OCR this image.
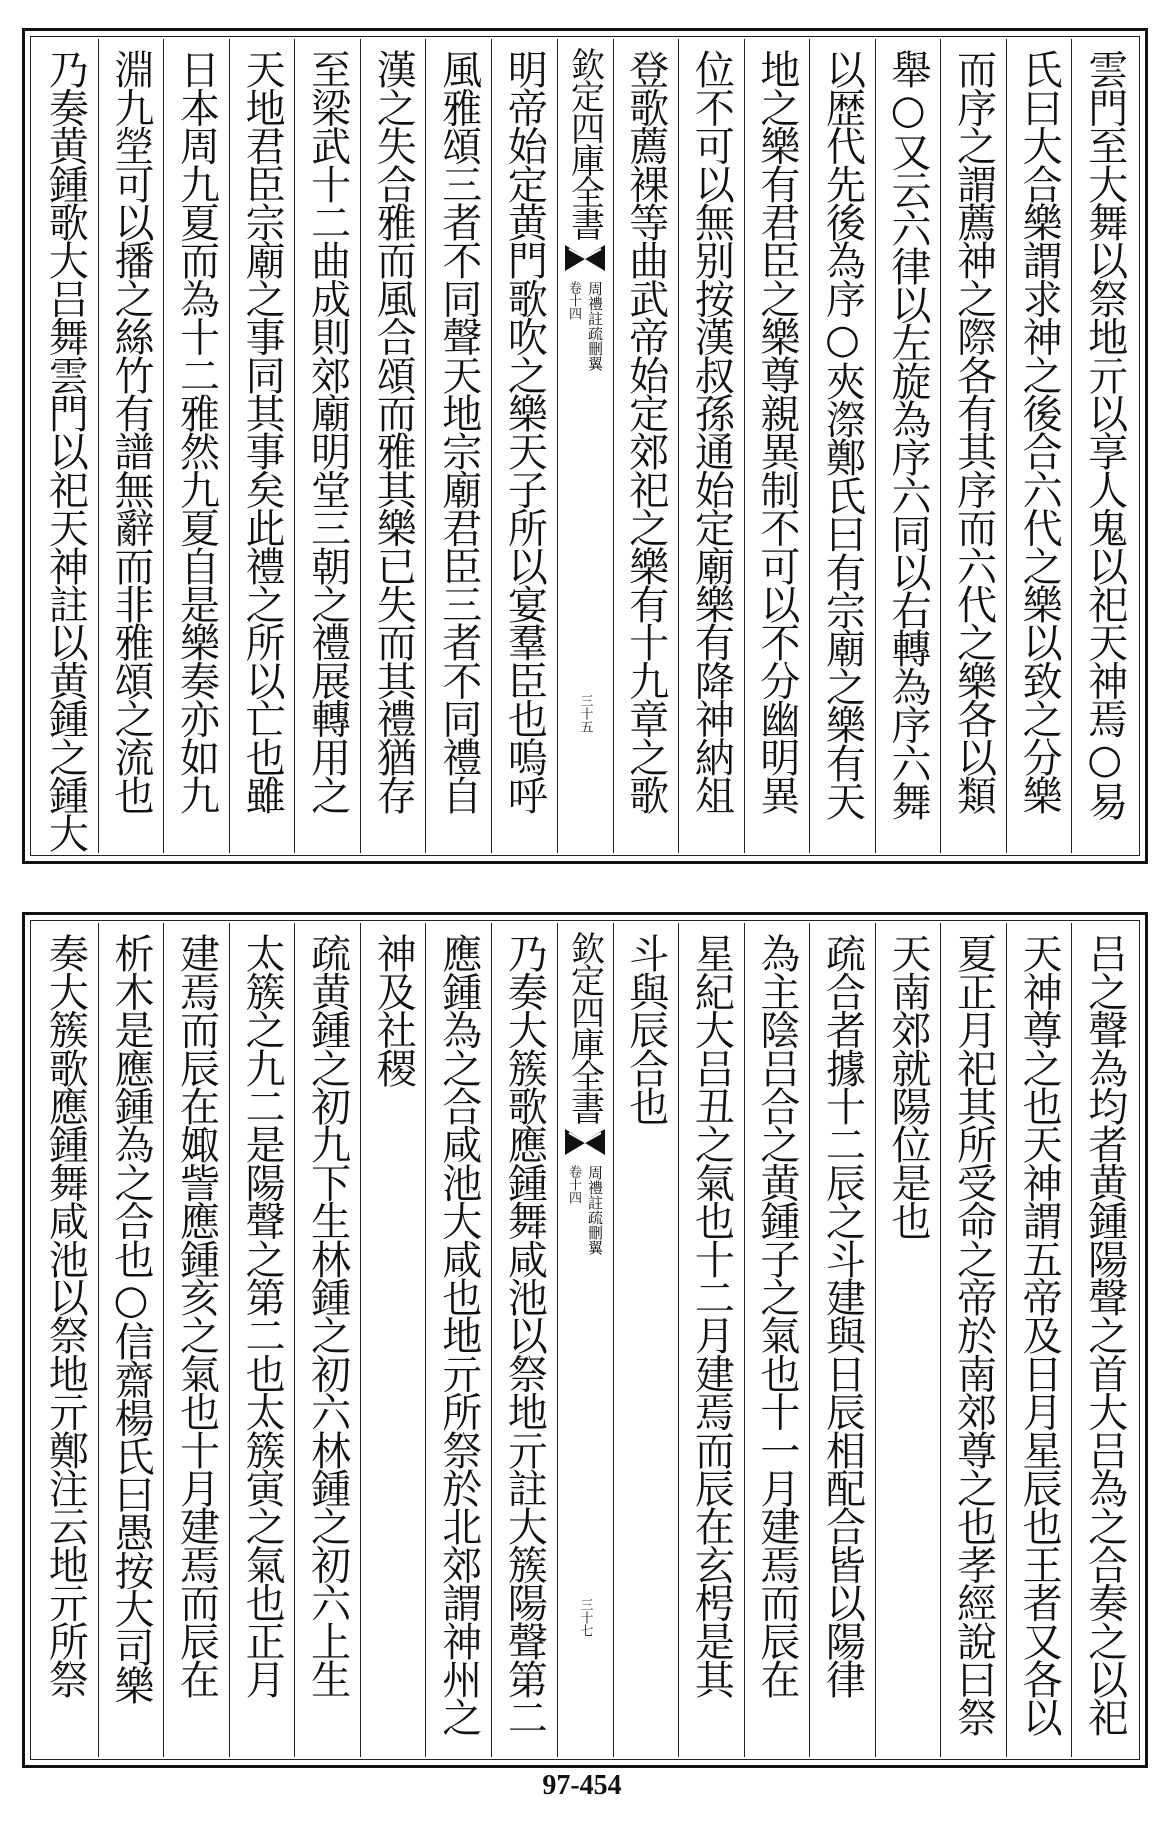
雲門至大舞以祭地亓以享人鬼以祀天神焉○易
氏曰大合樂謂求神之後合六代之樂以致之分樂
而序之謂薦神之際各有其序而六代之樂各以類
舉○又云六律以左旋為序六同以右轉為序六舞
以歴代先後為序○夾漈鄭氏曰有宗廟之樂有天
地之樂有君臣之樂尊親異制不可以不分幽明異
位不可以無别按漢叔孫通始定廟樂有降神納俎
登歌薦裸等曲武帝始定郊祀之樂有十九章之歌
欽定四庫全書
周禮註疏刪翼
卷十四
三十五
明帝始定黄門歌吹之樂天子所以宴羣臣也嗚呼
風雅頌三者不同聲天地宗廟君臣三者不同禮自
漢之失合雅而風合頌而雅其樂已失而其禮猶存
至梁武十二曲成則郊廟明堂三朝之禮展轉用之
天地君臣宗廟之事同其事矣此禮之所以亡也雖
日本周九夏而為十二雅然九夏自是樂奏亦如九
淵九塋可以播之絲竹有譜無辭而非雅頌之流也
乃奏黄鍾歌大吕舞雲門以祀天神註以黄鍾之鍾大
吕之聲為均者黄鍾陽聲之首大吕為之合奏之以祀
天神尊之也天神謂五帝及日月星辰也王者又各以
夏正月祀其所受命之帝於南郊尊之也孝經說曰祭
天南郊就陽位是也
疏合者據十二辰之斗建與日辰相配合皆以陽律
為主陰吕合之黄鍾子之氣也十一月建焉而辰在
星紀大吕丑之氣也十二月建焉而辰在玄枵是其
斗與辰合也
欽定四庫全書
周禮註疏刪翼
卷十四
三十七
乃奏大簇歌應鍾舞咸池以祭地亓註大簇陽聲第二
應鍾為之合咸池大咸也地亓所祭於北郊謂神州之
神及社稷
疏黄鍾之初九下生林鍾之初六林鍾之初六上生
太簇之九二是陽聲之第二也太簇寅之氣也正月
建焉而辰在娵訾應鍾亥之氣也十月建焉而辰在
析木是應鍾為之合也○信齋楊氏曰愚按大司樂
奏大簇歌應鍾舞咸池以祭地亓鄭注云地亓所祭
97-454
